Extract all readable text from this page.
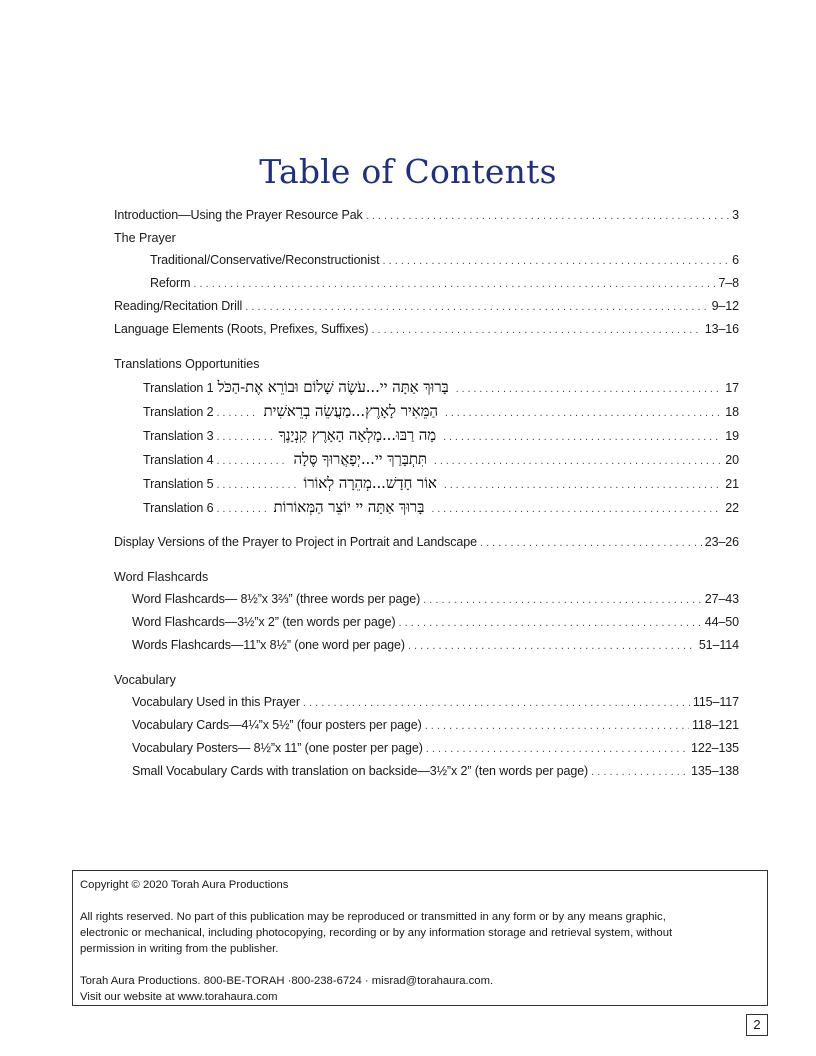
Table of Contents
Introduction—Using the Prayer Resource Pak . . .	3
The Prayer
Traditional/Conservative/Reconstructionist . . .	6
Reform . . .	7–8
Reading/Recitation Drill . . .	9–12
Language Elements (Roots, Prefixes, Suffixes) . . .	13–16
Translations Opportunities
Translation 1 בָּרוּךְ אַתָּה יי...עֹשֶׂה שָׁלוֹם וּבוֹרֵא אֶת-הַכֹּל . . .	17
Translation 2 . . .	הַמֵּאִיר לָאָרֶץ...מַעֲשֵׂה בְרֵאשִׁית . . .	18
Translation 3 . . .	מָה רַבּוּ...מָלְאָה הָאָרֶץ קִנְיָנֶךָ . . .	19
Translation 4 . . .	תִּתְבָּרַךְ יי...יְפָאֲרוּךָ סֶּלָה . . .	20
Translation 5 . . .	אוֹר חָדָשׁ...מְהֵרָה לְאוֹרוֹ . . .	21
Translation 6 . . .	בָּרוּךְ אַתָּה יי יוֹצֵר הַמְּאוֹרוֹת . . .	22
Display Versions of the Prayer to Project in Portrait and Landscape . . .	23–26
Word Flashcards
Word Flashcards— 8½”x 3⅔” (three words per page) . . .	27–43
Word Flashcards—3½”x 2” (ten words per page) . . .	44–50
Words Flashcards—11”x 8½” (one word per page) . . .	51–114
Vocabulary
Vocabulary Used in this Prayer . . .	115–117
Vocabulary Cards—4¼”x 5½” (four posters per page) . . .	118–121
Vocabulary Posters— 8½”x 11” (one poster per page) . . .	122–135
Small Vocabulary Cards with translation on backside—3½”x 2” (ten words per page) . . .	135–138

Copyright © 2020 Torah Aura Productions

All rights reserved. No part of this publication may be reproduced or transmitted in any form or by any means graphic,

electronic or mechanical, including photocopying, recording or by any information storage and retrieval system, without

permission in writing from the publisher.

Torah Aura Productions. 800-BE-TORAH ·800-238-6724 · misrad@torahaura.com.

Visit our website at www.torahaura.com

2
